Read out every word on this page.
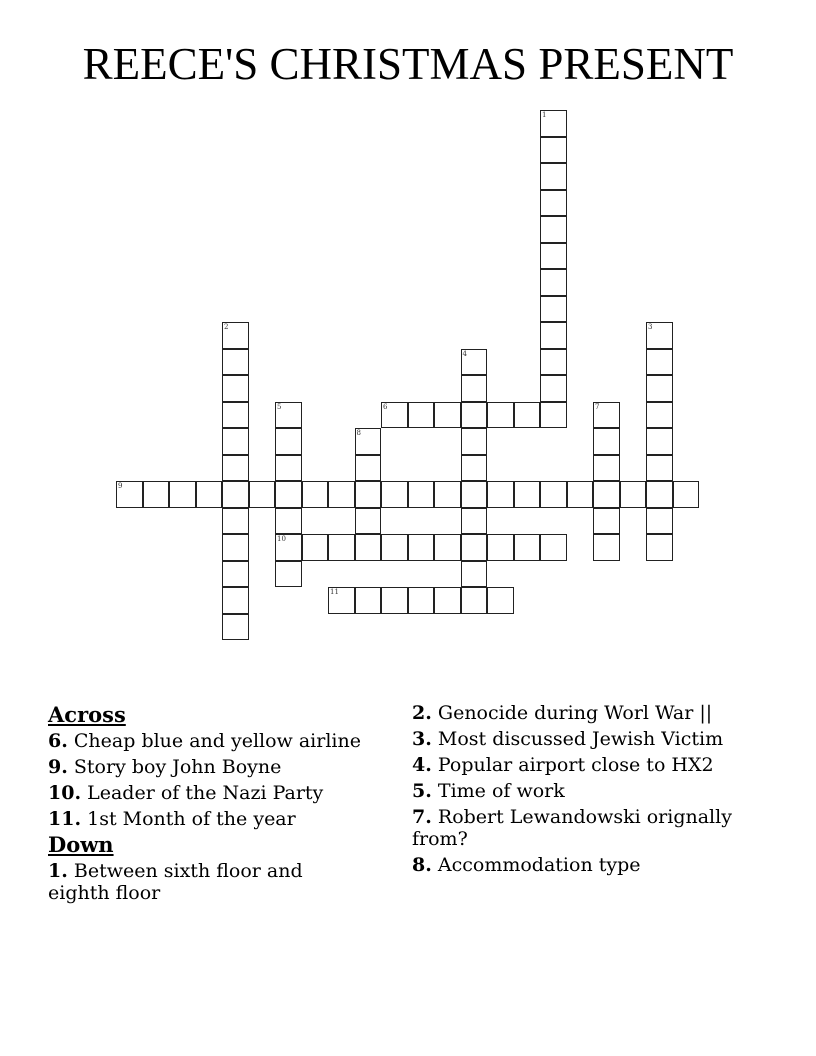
REECE'S CHRISTMAS PRESENT
1
2	3
4
5
10
6	7
8
9
11
Across
6. Cheap blue and yellow airline
9. Story boy John Boyne
10. Leader of the Nazi Party
11. 1st Month of the year
Down
1. Between sixth floor and eighth floor
2. Genocide during Worl War ||
3. Most discussed Jewish Victim
4. Popular airport close to HX2
5. Time of work
7. Robert Lewandowski orignally from?
8. Accommodation type
